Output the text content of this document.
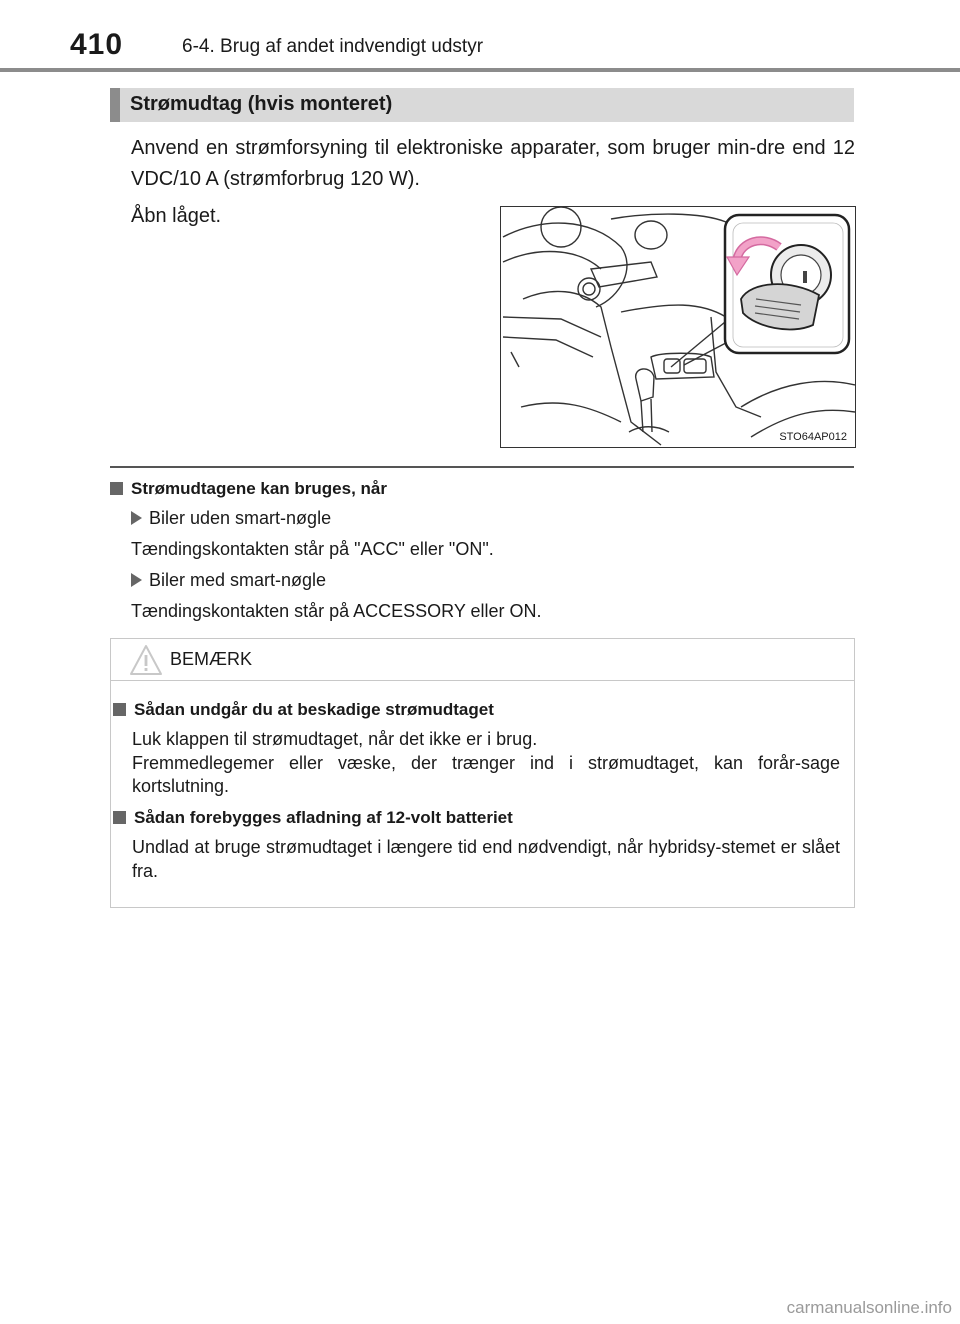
410	6-4. Brug af andet indvendigt udstyr
Strømudtag (hvis monteret)
Anvend en strømforsyning til elektroniske apparater, som bruger min-dre end 12 VDC/10 A (strømforbrug 120 W).
Åbn låget.
STO64AP012
Strømudtagene kan bruges, når
Biler uden smart-nøgle
Tændingskontakten står på "ACC" eller "ON".
Biler med smart-nøgle
Tændingskontakten står på ACCESSORY eller ON.
BEMÆRK
Sådan undgår du at beskadige strømudtaget

Luk klappen til strømudtaget, når det ikke er i brug.

Fremmedlegemer eller væske, der trænger ind i strømudtaget, kan forår-sage kortslutning.

Sådan forebygges afladning af 12-volt batteriet

Undlad at bruge strømudtaget i længere tid end nødvendigt, når hybridsy-stemet er slået fra.

carmanualsonline.info
